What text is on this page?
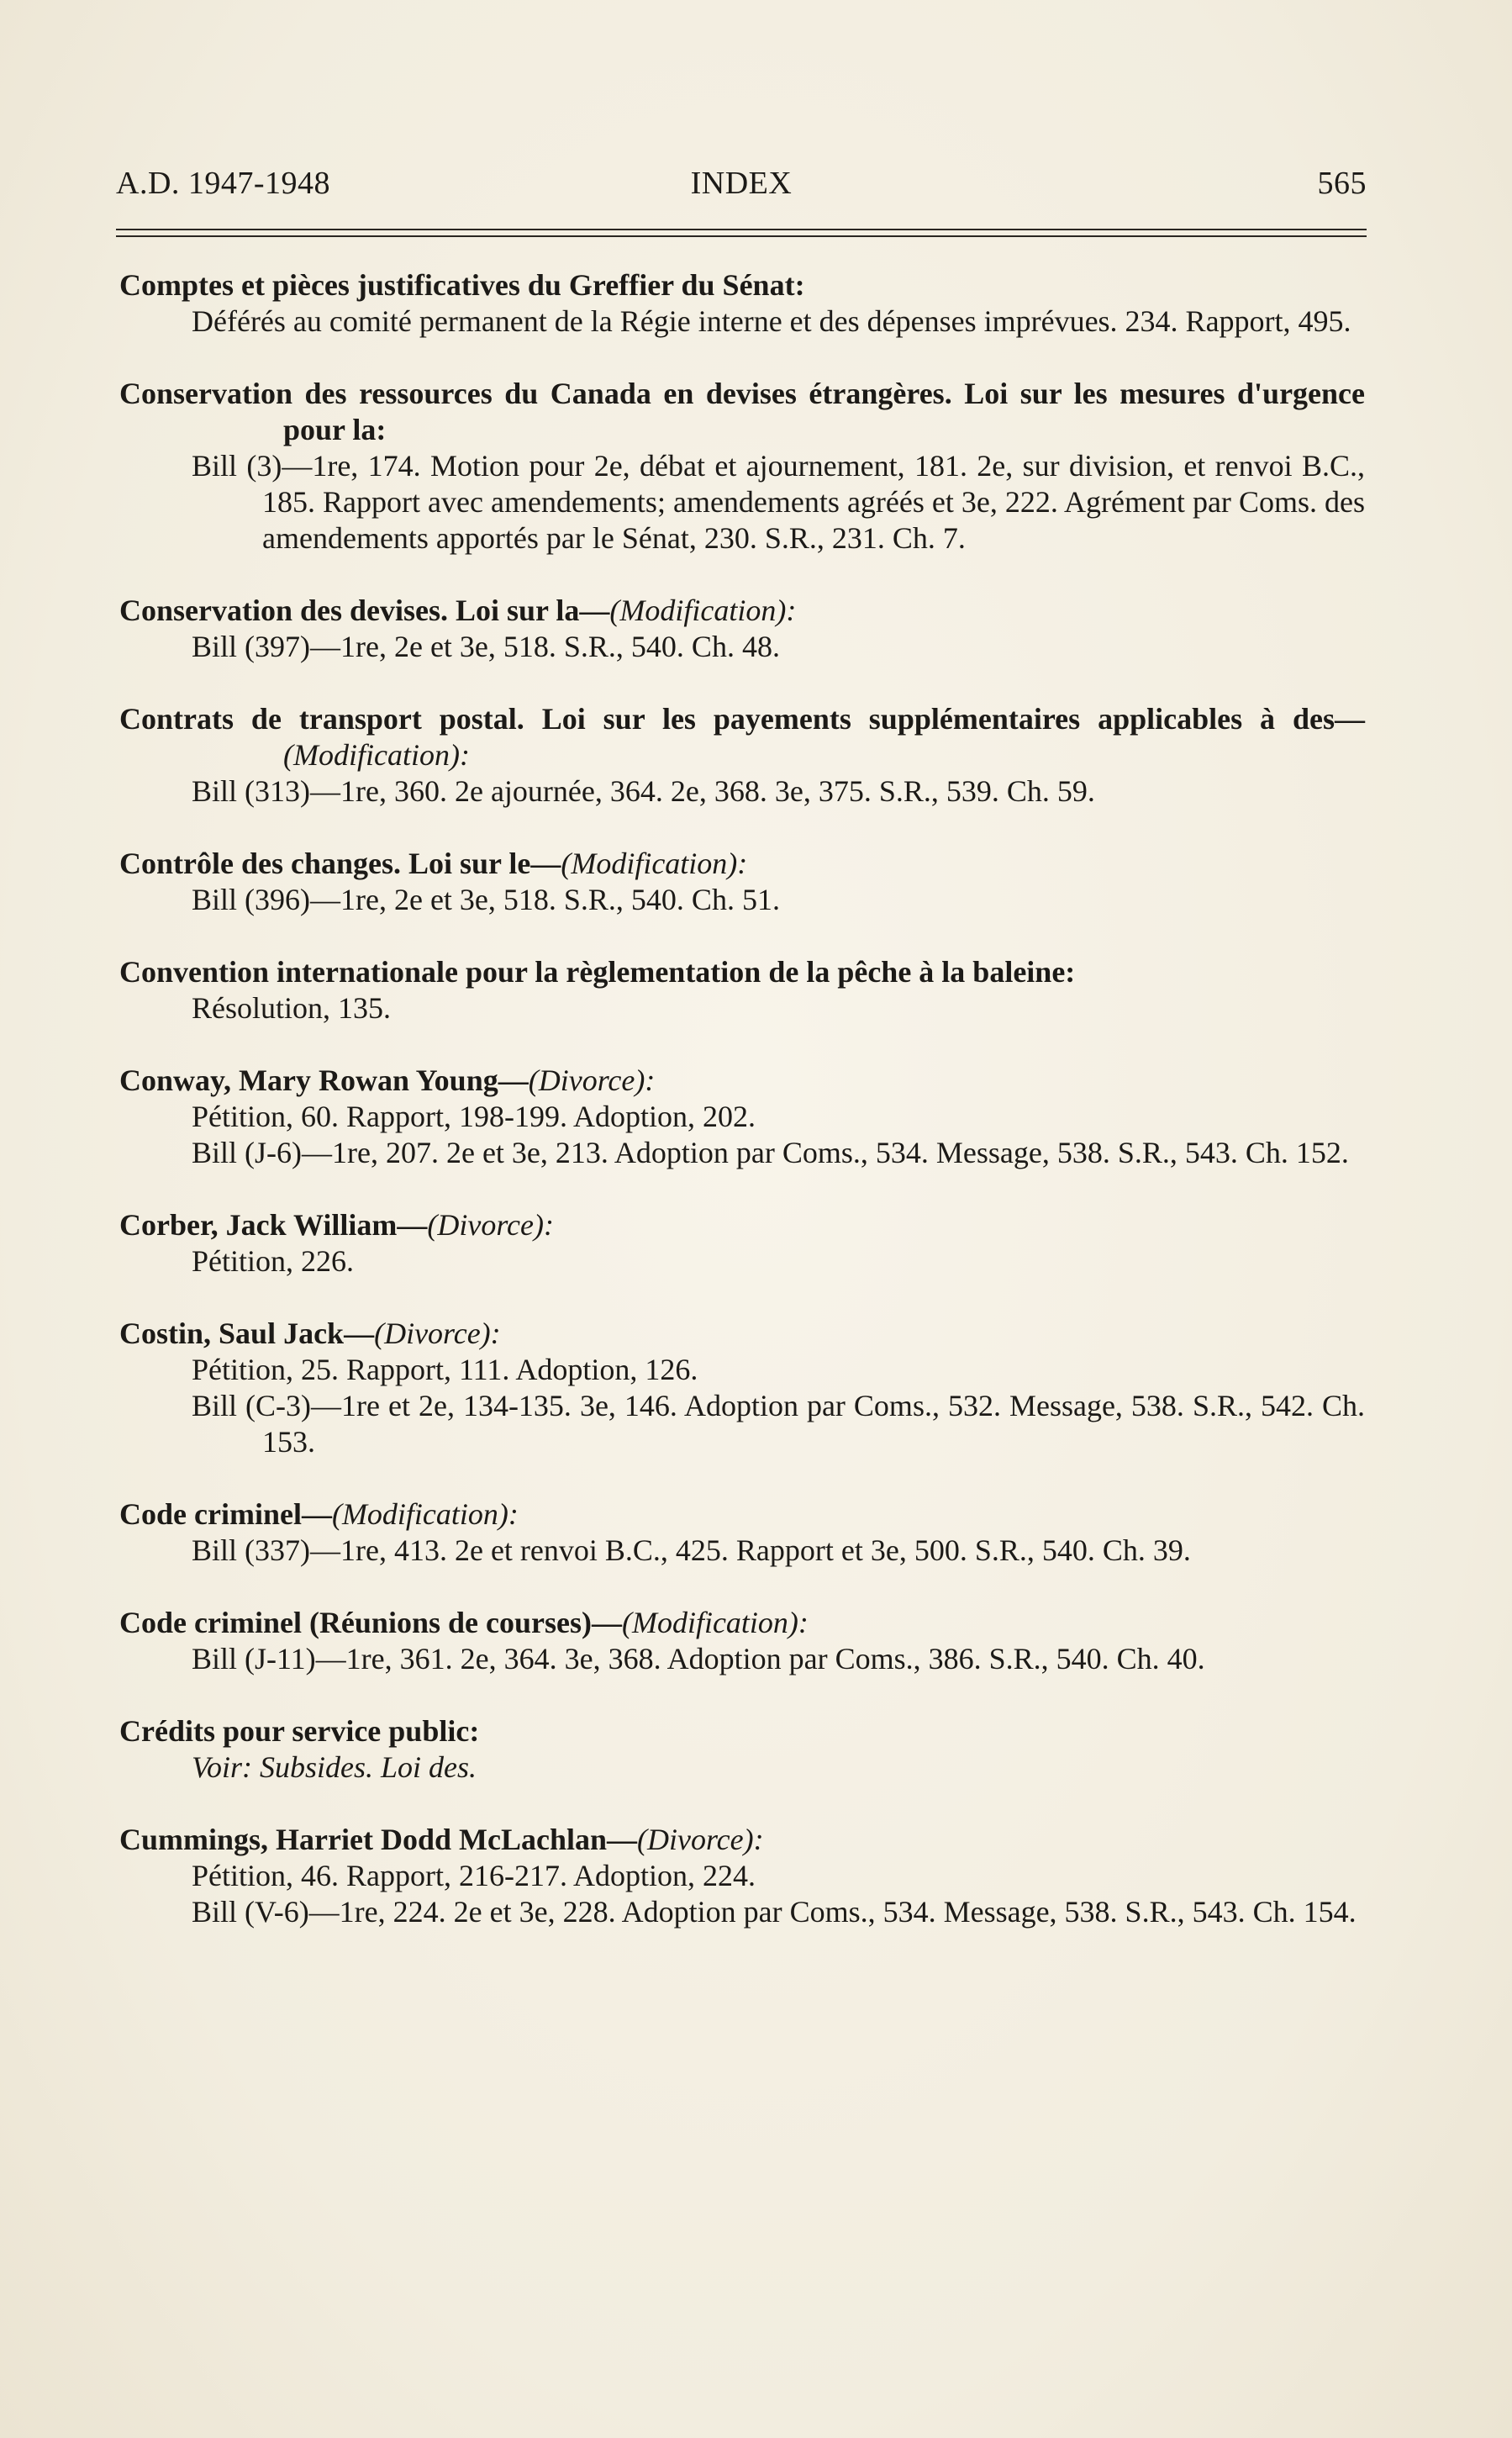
A.D. 1947-1948	INDEX	565
Comptes et pièces justificatives du Greffier du Sénat:
Déférés au comité permanent de la Régie interne et des dépenses imprévues. 234. Rapport, 495.
Conservation des ressources du Canada en devises étrangères. Loi sur les mesures d'urgence pour la:
Bill (3)—1re, 174. Motion pour 2e, débat et ajournement, 181. 2e, sur division, et renvoi B.C., 185. Rapport avec amendements; amendements agréés et 3e, 222. Agrément par Coms. des amendements apportés par le Sénat, 230. S.R., 231. Ch. 7.
Conservation des devises. Loi sur la—(Modification):
Bill (397)—1re, 2e et 3e, 518. S.R., 540. Ch. 48.
Contrats de transport postal. Loi sur les payements supplémentaires applicables à des—(Modification):
Bill (313)—1re, 360. 2e ajournée, 364. 2e, 368. 3e, 375. S.R., 539. Ch. 59.
Contrôle des changes. Loi sur le—(Modification):
Bill (396)—1re, 2e et 3e, 518. S.R., 540. Ch. 51.
Convention internationale pour la règlementation de la pêche à la baleine:
Résolution, 135.
Conway, Mary Rowan Young—(Divorce):
Pétition, 60. Rapport, 198-199. Adoption, 202.
Bill (J-6)—1re, 207. 2e et 3e, 213. Adoption par Coms., 534. Message, 538. S.R., 543. Ch. 152.
Corber, Jack William—(Divorce):
Pétition, 226.
Costin, Saul Jack—(Divorce):
Pétition, 25. Rapport, 111. Adoption, 126.
Bill (C-3)—1re et 2e, 134-135. 3e, 146. Adoption par Coms., 532. Message, 538. S.R., 542. Ch. 153.
Code criminel—(Modification):
Bill (337)—1re, 413. 2e et renvoi B.C., 425. Rapport et 3e, 500. S.R., 540. Ch. 39.
Code criminel (Réunions de courses)—(Modification):
Bill (J-11)—1re, 361. 2e, 364. 3e, 368. Adoption par Coms., 386. S.R., 540. Ch. 40.
Crédits pour service public:
Voir: Subsides. Loi des.
Cummings, Harriet Dodd McLachlan—(Divorce):
Pétition, 46. Rapport, 216-217. Adoption, 224.
Bill (V-6)—1re, 224. 2e et 3e, 228. Adoption par Coms., 534. Message, 538. S.R., 543. Ch. 154.
